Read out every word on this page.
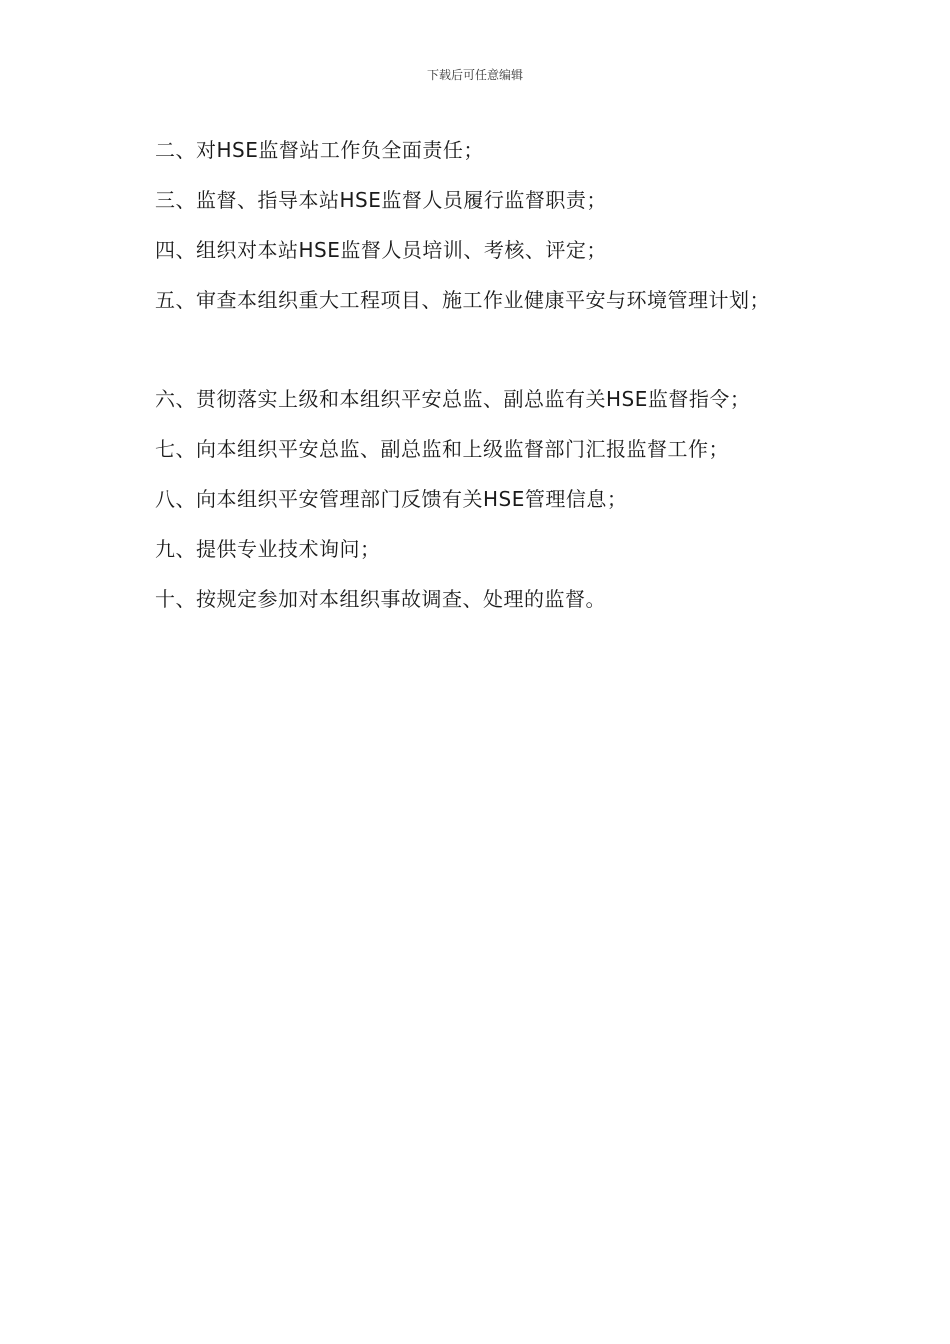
下载后可任意编辑
二、对HSE监督站工作负全面责任；
三、监督、指导本站HSE监督人员履行监督职责；
四、组织对本站HSE监督人员培训、考核、评定；
五、审查本组织重大工程项目、施工作业健康平安与环境管理计划；
六、贯彻落实上级和本组织平安总监、副总监有关HSE监督指令；
七、向本组织平安总监、副总监和上级监督部门汇报监督工作；
八、向本组织平安管理部门反馈有关HSE管理信息；
九、提供专业技术询问；
十、按规定参加对本组织事故调查、处理的监督。
